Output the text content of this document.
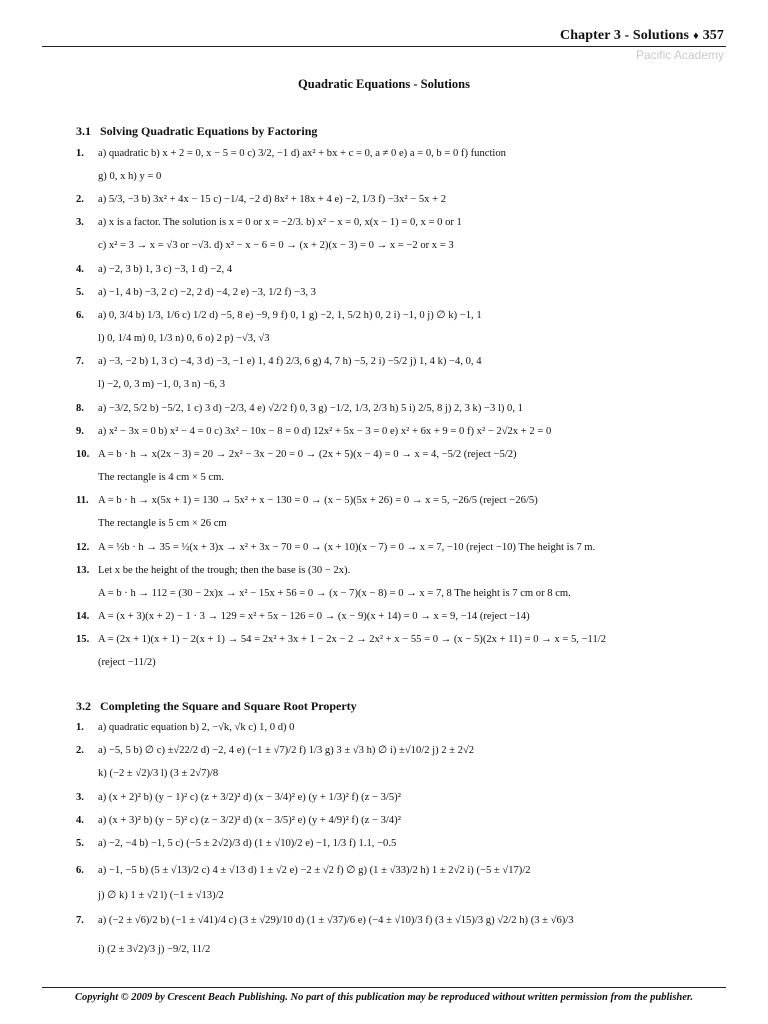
Chapter 3 - Solutions ♦ 357
Pacific Academy
Quadratic Equations - Solutions
3.1 Solving Quadratic Equations by Factoring
1. a) quadratic b) x + 2 = 0, x − 5 = 0 c) 3/2, −1 d) ax² + bx + c = 0, a ≠ 0 e) a = 0, b = 0 f) function
g) 0, x h) y = 0
2. a) 5/3, −3 b) 3x² + 4x − 15 c) −1/4, −2 d) 8x² + 18x + 4 e) −2, 1/3 f) −3x² − 5x + 2
3. a) x is a factor. The solution is x = 0 or x = −2/3. b) x² − x = 0, x(x − 1) = 0, x = 0 or 1
c) x² = 3 → x = √3 or −√3. d) x² − x − 6 = 0 → (x + 2)(x − 3) = 0 → x = −2 or x = 3
4. a) −2, 3 b) 1, 3 c) −3, 1 d) −2, 4
5. a) −1, 4 b) −3, 2 c) −2, 2 d) −4, 2 e) −3, 1/2 f) −3, 3
6. a) 0, 3/4 b) 1/3, 1/6 c) 1/2 d) −5, 8 e) −9, 9 f) 0, 1 g) −2, 1, 5/2 h) 0, 2 i) −1, 0 j) ∅ k) −1, 1
l) 0, 1/4 m) 0, 1/3 n) 0, 6 o) 2 p) −√3, √3
7. a) −3, −2 b) 1, 3 c) −4, 3 d) −3, −1 e) 1, 4 f) 2/3, 6 g) 4, 7 h) −5, 2 i) −5/2 j) 1, 4 k) −4, 0, 4
l) −2, 0, 3 m) −1, 0, 3 n) −6, 3
8. a) −3/2, 5/2 b) −5/2, 1 c) 3 d) −2/3, 4 e) √2/2 f) 0, 3 g) −1/2, 1/3, 2/3 h) 5 i) 2/5, 8 j) 2, 3 k) −3 l) 0, 1
9. a) x² − 3x = 0 b) x² − 4 = 0 c) 3x² − 10x − 8 = 0 d) 12x² + 5x − 3 = 0 e) x² + 6x + 9 = 0 f) x² − 2√2x + 2 = 0
10. A = b · h → x(2x − 3) = 20 → 2x² − 3x − 20 = 0 → (2x + 5)(x − 4) = 0 → x = 4, −5/2 (reject −5/2)
The rectangle is 4 cm × 5 cm.
11. A = b · h → x(5x + 1) = 130 → 5x² + x − 130 = 0 → (x − 5)(5x + 26) = 0 → x = 5, −26/5 (reject −26/5)
The rectangle is 5 cm × 26 cm
12. A = ½b · h → 35 = ½(x + 3)x → x² + 3x − 70 = 0 → (x + 10)(x − 7) = 0 → x = 7, −10 (reject −10) The height is 7 m.
13. Let x be the height of the trough; then the base is (30 − 2x).
A = b · h → 112 = (30 − 2x)x → x² − 15x + 56 = 0 → (x − 7)(x − 8) = 0 → x = 7, 8 The height is 7 cm or 8 cm.
14. A = (x + 3)(x + 2) − 1 · 3 → 129 = x² + 5x − 126 = 0 → (x − 9)(x + 14) = 0 → x = 9, −14 (reject −14)
15. A = (2x + 1)(x + 1) − 2(x + 1) → 54 = 2x² + 3x + 1 − 2x − 2 → 2x² + x − 55 = 0 → (x − 5)(2x + 11) = 0 → x = 5, −11/2
(reject −11/2)
3.2 Completing the Square and Square Root Property
1. a) quadratic equation b) 2, −√k, √k c) 1, 0 d) 0
2. a) −5, 5 b) ∅ c) ±√22/2 d) −2, 4 e) (−1 ± √7)/2 f) 1/3 g) 3 ± √3 h) ∅ i) ±√10/2 j) 2 ± 2√2
k) (−2 ± √2)/3 l) (3 ± 2√7)/8
3. a) (x + 2)² b) (y − 1)² c) (z + 3/2)² d) (x − 3/4)² e) (y + 1/3)² f) (z − 3/5)²
4. a) (x + 3)² b) (y − 5)² c) (z − 3/2)² d) (x − 3/5)² e) (y + 4/9)² f) (z − 3/4)²
5. a) −2, −4 b) −1, 5 c) (−5 ± 2√2)/3 d) (1 ± √10)/2 e) −1, 1/3 f) 1.1, −0.5
6. a) −1, −5 b) (5 ± √13)/2 c) 4 ± √13 d) 1 ± √2 e) −2 ± √2 f) ∅ g) (1 ± √33)/2 h) 1 ± 2√2 i) (−5 ± √17)/2
j) ∅ k) 1 ± √2 l) (−1 ± √13)/2
7. a) (−2 ± √6)/2 b) (−1 ± √41)/4 c) (3 ± √29)/10 d) (1 ± √37)/6 e) (−4 ± √10)/3 f) (3 ± √15)/3 g) √2/2 h) (3 ± √6)/3
i) (2 ± 3√2)/3 j) −9/2, 11/2
Copyright © 2009 by Crescent Beach Publishing. No part of this publication may be reproduced without written permission from the publisher.
